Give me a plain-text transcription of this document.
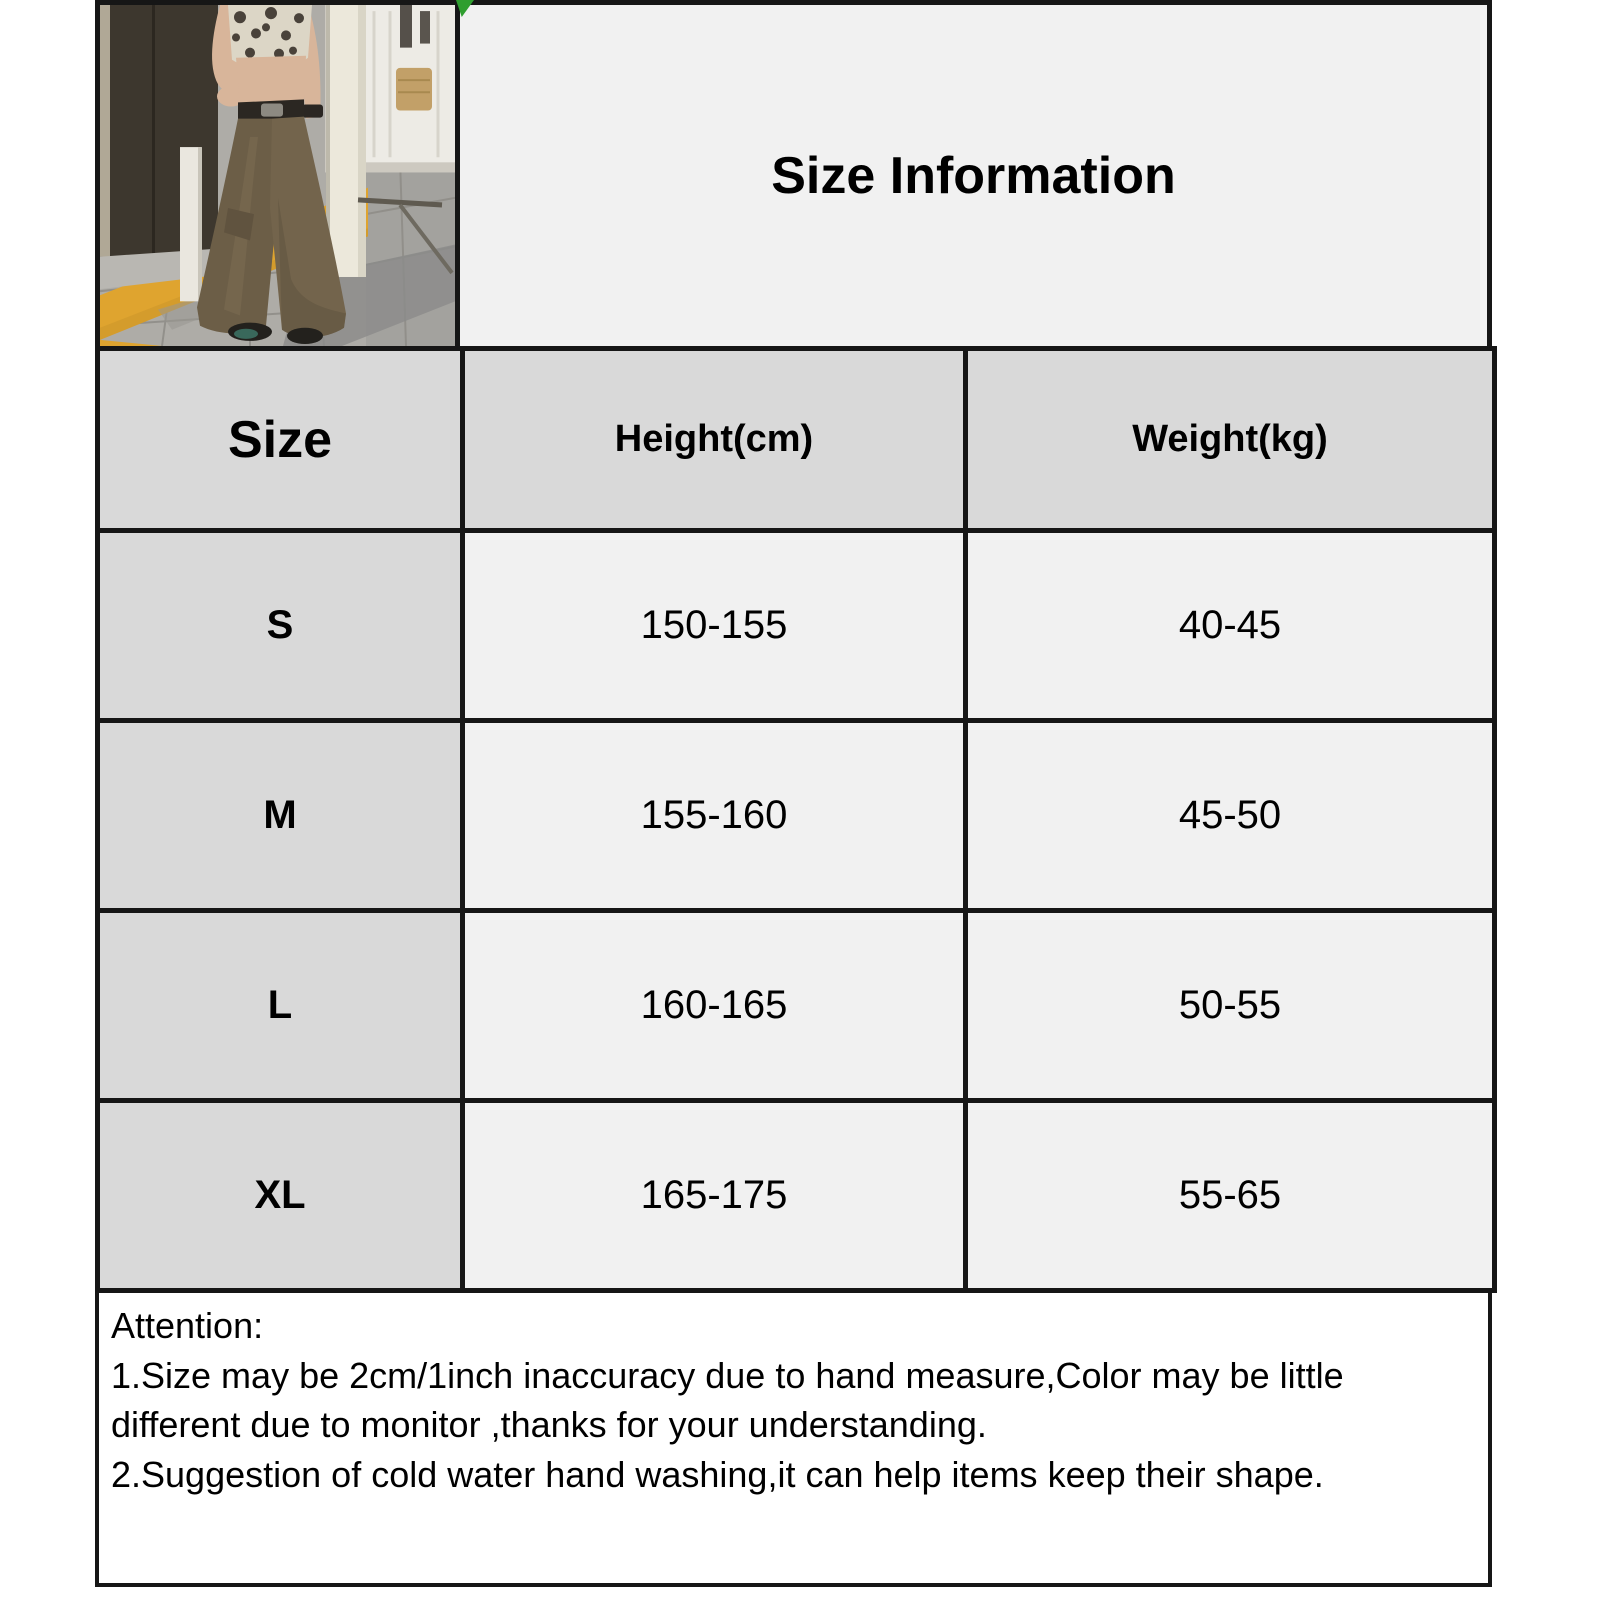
Size Information
Size	Height(cm)	Weight(kg)
S	150-155	40-45
M	155-160	45-50
L	160-165	50-55
XL	165-175	55-65

Attention:

1.Size may be 2cm/1inch inaccuracy due to hand measure,Color may be little different due to monitor ,thanks for your understanding.

2.Suggestion of cold water hand washing,it can help items keep their shape.
